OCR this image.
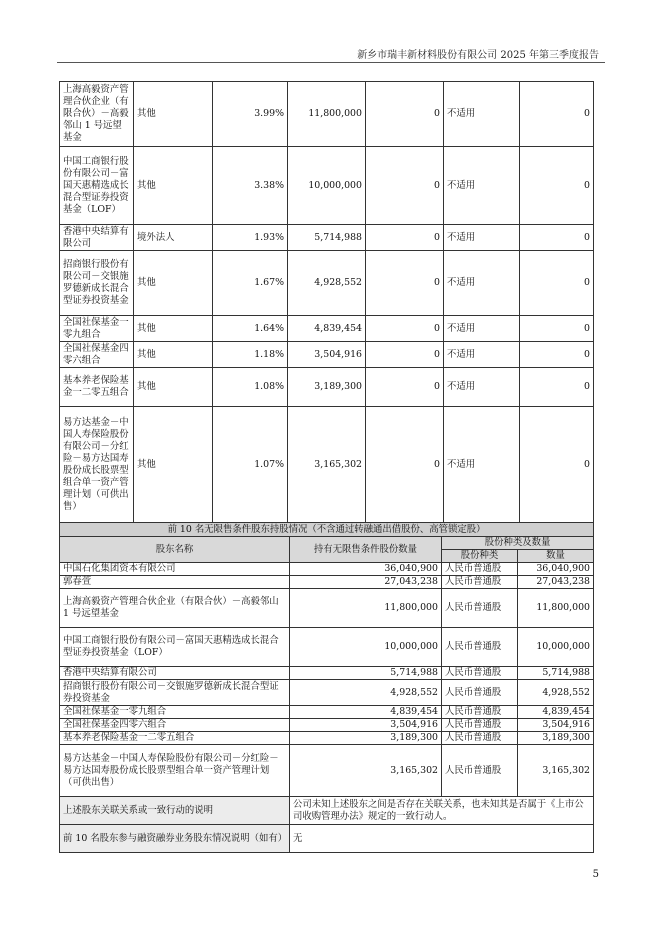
新乡市瑞丰新材料股份有限公司 2025 年第三季度报告
上海高毅资产管理合伙企业（有限合伙）－高毅邻山 1 号远望基金	其他	3.99%	11,800,000	0	不适用	0
中国工商银行股份有限公司－富国天惠精选成长混合型证券投资基金（LOF）	其他	3.38%	10,000,000	0	不适用	0
香港中央结算有限公司	境外法人	1.93%	5,714,988	0	不适用	0
招商银行股份有限公司－交银施罗德新成长混合型证券投资基金	其他	1.67%	4,928,552	0	不适用	0
全国社保基金一零九组合	其他	1.64%	4,839,454	0	不适用	0
全国社保基金四零六组合	其他	1.18%	3,504,916	0	不适用	0
基本养老保险基金一二零五组合	其他	1.08%	3,189,300	0	不适用	0
易方达基金－中国人寿保险股份有限公司－分红险－易方达国寿股份成长股票型组合单一资产管理计划（可供出售）	其他	1.07%	3,165,302	0	不适用	0
前 10 名无限售条件股东持股情况（不含通过转融通出借股份、高管锁定股）			
股东名称	持有无限售条件股份数量	股份种类及数量	
		股份种类	数量
中国石化集团资本有限公司	36,040,900	人民币普通股	36,040,900
郭春萱	27,043,238	人民币普通股	27,043,238
上海高毅资产管理合伙企业（有限合伙）－高毅邻山 1 号远望基金	11,800,000	人民币普通股	11,800,000
中国工商银行股份有限公司－富国天惠精选成长混合型证券投资基金（LOF）	10,000,000	人民币普通股	10,000,000
香港中央结算有限公司	5,714,988	人民币普通股	5,714,988
招商银行股份有限公司－交银施罗德新成长混合型证券投资基金	4,928,552	人民币普通股	4,928,552
全国社保基金一零九组合	4,839,454	人民币普通股	4,839,454
全国社保基金四零六组合	3,504,916	人民币普通股	3,504,916
基本养老保险基金一二零五组合	3,189,300	人民币普通股	3,189,300
易方达基金－中国人寿保险股份有限公司－分红险－易方达国寿股份成长股票型组合单一资产管理计划（可供出售）	3,165,302	人民币普通股	3,165,302
上述股东关联关系或一致行动的说明	公司未知上述股东之间是否存在关联关系，也未知其是否属于《上市公司收购管理办法》规定的一致行动人。		
前 10 名股东参与融资融券业务股东情况说明（如有）	无		
5
